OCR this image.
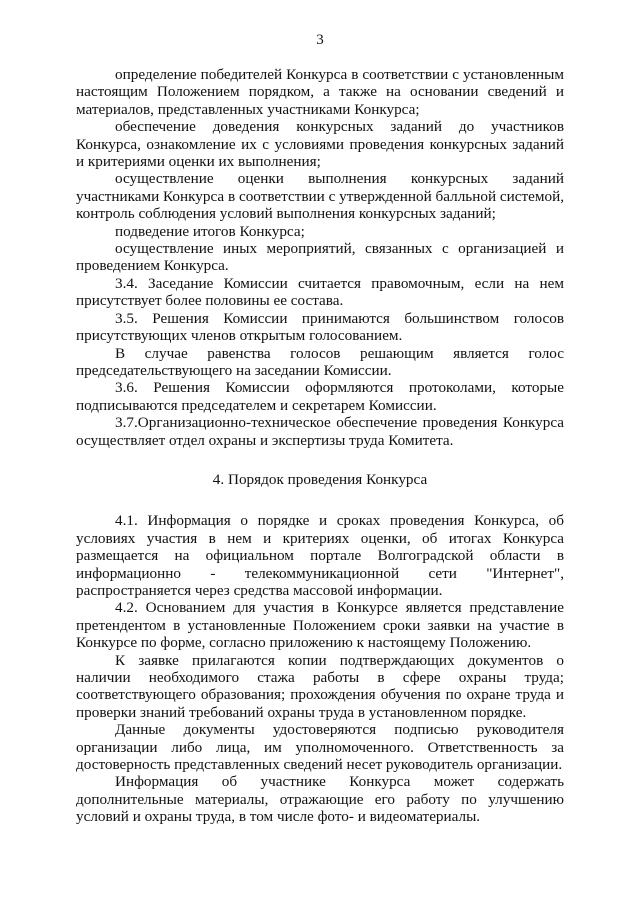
3

определение победителей Конкурса в соответствии с установленным настоящим Положением порядком, а также на основании сведений и материалов, представленных участниками Конкурса;

обеспечение доведения конкурсных заданий до участников Конкурса, ознакомление их с условиями проведения конкурсных заданий и критериями оценки их выполнения;

осуществление оценки выполнения конкурсных заданий участниками Конкурса в соответствии с утвержденной балльной системой, контроль соблюдения условий выполнения конкурсных заданий;

подведение итогов Конкурса;

осуществление иных мероприятий, связанных с организацией и проведением Конкурса.

3.4. Заседание Комиссии считается правомочным, если на нем присутствует более половины ее состава.

3.5. Решения Комиссии принимаются большинством голосов присутствующих членов открытым голосованием.

В случае равенства голосов решающим является голос председательствующего на заседании Комиссии.

3.6. Решения Комиссии оформляются протоколами, которые подписываются председателем и секретарем Комиссии.

3.7.Организационно-техническое обеспечение проведения Конкурса осуществляет отдел охраны и экспертизы труда Комитета.

4. Порядок проведения Конкурса

4.1. Информация о порядке и сроках проведения Конкурса, об условиях участия в нем и критериях оценки, об итогах Конкурса размещается на официальном портале Волгоградской области в информационно - телекоммуникационной сети "Интернет", распространяется через средства массовой информации.

4.2. Основанием для участия в Конкурсе является представление претендентом в установленные Положением сроки заявки на участие в Конкурсе по форме, согласно приложению к настоящему Положению.

К заявке прилагаются копии подтверждающих документов о наличии необходимого стажа работы в сфере охраны труда; соответствующего образования; прохождения обучения по охране труда и проверки знаний требований охраны труда в установленном порядке.

Данные документы удостоверяются подписью руководителя организации либо лица, им уполномоченного. Ответственность за достоверность представленных сведений несет руководитель организации.

Информация об участнике Конкурса может содержать дополнительные материалы, отражающие его работу по улучшению условий и охраны труда, в том числе фото- и видеоматериалы.
